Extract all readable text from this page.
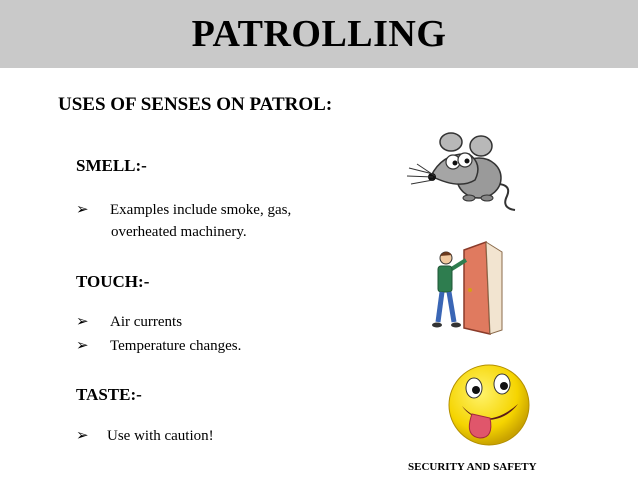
PATROLLING
USES OF SENSES ON PATROL:
SMELL:-
➢ Examples include smoke, gas,
overheated machinery.
TOUCH:-
➢ Air currents
➢ Temperature changes.
TASTE:-
➢ Use with caution!
SECURITY AND SAFETY
